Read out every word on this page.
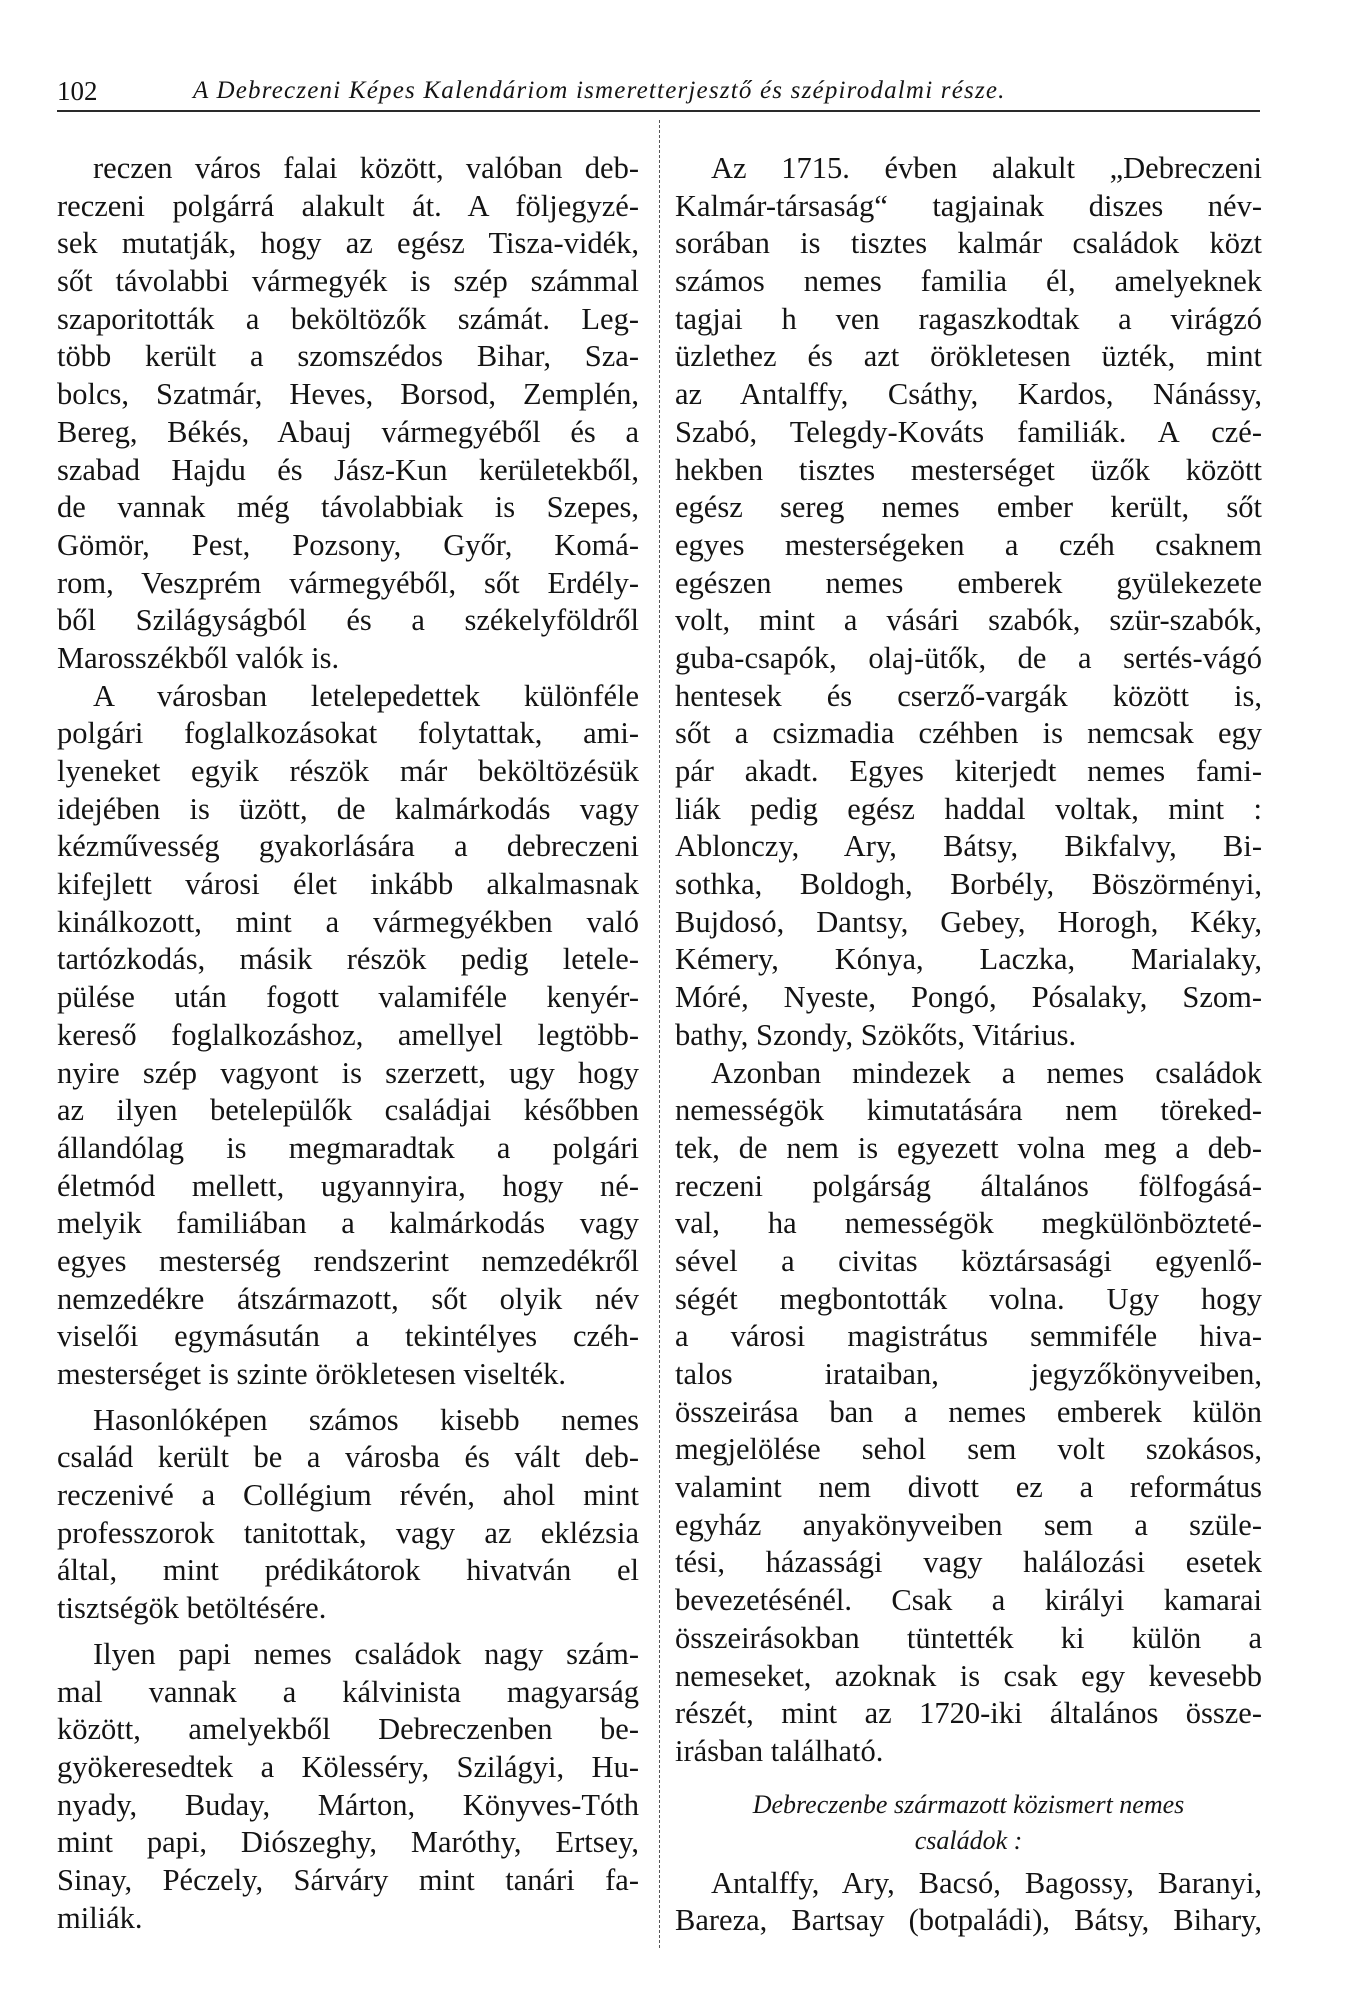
102	A Debreczeni Képes Kalendáriom ismeretterjesztő és szépirodalmi része.

reczen város falai között, valóban deb-
reczeni polgárrá alakult át. A följegyzé-
sek mutatják, hogy az egész Tisza-vidék,
sőt távolabbi vármegyék is szép számmal
szaporitották a beköltözők számát. Leg-
több került a szomszédos Bihar, Sza-
bolcs, Szatmár, Heves, Borsod, Zemplén,
Bereg, Békés, Abauj vármegyéből és a
szabad Hajdu és Jász-Kun kerületekből,
de vannak még távolabbiak is Szepes,
Gömör, Pest, Pozsony, Győr, Komá-
rom, Veszprém vármegyéből, sőt Erdély-
ből Szilágyságból és a székelyföldről
Marosszékből valók is.

A városban letelepedettek különféle
polgári foglalkozásokat folytattak, ami-
lyeneket egyik részök már beköltözésük
idejében is üzött, de kalmárkodás vagy
kézművesség gyakorlására a debreczeni
kifejlett városi élet inkább alkalmasnak
kinálkozott, mint a vármegyékben való
tartózkodás, másik részök pedig letele-
pülése után fogott valamiféle kenyér-
kereső foglalkozáshoz, amellyel legtöbb-
nyire szép vagyont is szerzett, ugy hogy
az ilyen betelepülők családjai későbben
állandólag is megmaradtak a polgári
életmód mellett, ugyannyira, hogy né-
melyik familiában a kalmárkodás vagy
egyes mesterség rendszerint nemzedékről
nemzedékre átszármazott, sőt olyik név
viselői egymásután a tekintélyes czéh-
mesterséget is szinte örökletesen viselték.

Hasonlóképen számos kisebb nemes
család került be a városba és vált deb-
reczenivé a Collégium révén, ahol mint
professzorok tanitottak, vagy az eklézsia
által, mint prédikátorok hivatván el
tisztségök betöltésére.

Ilyen papi nemes családok nagy szám-
mal vannak a kálvinista magyarság
között, amelyekből Debreczenben be-
gyökeresedtek a Kölesséry, Szilágyi, Hu-
nyady, Buday, Márton, Könyves-Tóth
mint papi, Diószeghy, Maróthy, Ertsey,
Sinay, Péczely, Sárváry mint tanári fa-
miliák.

Az 1715. évben alakult „Debreczeni
Kalmár-társaság“ tagjainak diszes név-
sorában is tisztes kalmár családok közt
számos nemes familia él, amelyeknek
tagjai h ven ragaszkodtak a virágzó
üzlethez és azt örökletesen üzték, mint
az Antalffy, Csáthy, Kardos, Nánássy,
Szabó, Telegdy-Kováts familiák. A czé-
hekben tisztes mesterséget üzők között
egész sereg nemes ember került, sőt
egyes mesterségeken a czéh csaknem
egészen nemes emberek gyülekezete
volt, mint a vásári szabók, szür-szabók,
guba-csapók, olaj-ütők, de a sertés-vágó
hentesek és cserző-vargák között is,
sőt a csizmadia czéhben is nemcsak egy
pár akadt. Egyes kiterjedt nemes fami-
liák pedig egész haddal voltak, mint :
Ablonczy, Ary, Bátsy, Bikfalvy, Bi-
sothka, Boldogh, Borbély, Böszörményi,
Bujdosó, Dantsy, Gebey, Horogh, Kéky,
Kémery, Kónya, Laczka, Marialaky,
Móré, Nyeste, Pongó, Pósalaky, Szom-
bathy, Szondy, Szökőts, Vitárius.

Azonban mindezek a nemes családok
nemességök kimutatására nem töreked-
tek, de nem is egyezett volna meg a deb-
reczeni polgárság általános fölfogásá-
val, ha nemességök megkülönbözteté-
sével a civitas köztársasági egyenlő-
ségét megbontották volna. Ugy hogy
a városi magistrátus semmiféle hiva-
talos irataiban, jegyzőkönyveiben,
összeirása ban a nemes emberek külön
megjelölése sehol sem volt szokásos,
valamint nem divott ez a református
egyház anyakönyveiben sem a szüle-
tési, házassági vagy halálozási esetek
bevezetésénél. Csak a királyi kamarai
összeirásokban tüntették ki külön a
nemeseket, azoknak is csak egy kevesebb
részét, mint az 1720-iki általános össze-
irásban található.

Debreczenbe származott közismert nemes
családok :

Antalffy, Ary, Bacsó, Bagossy, Baranyi,
Bareza, Bartsay (botpaládi), Bátsy, Bihary,
